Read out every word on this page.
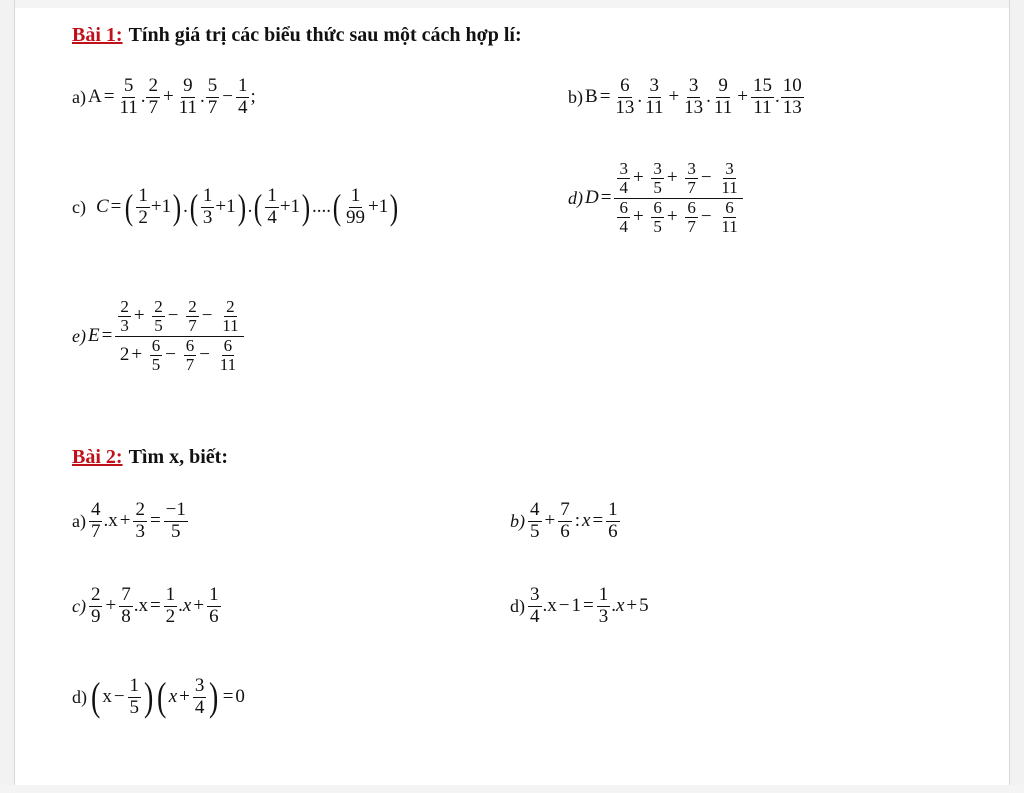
Bài 1: Tính giá trị các biểu thức sau một cách hợp lí:
a) $A = \frac{5}{11}$ . $\frac{2}{7} + \frac{9}{11}$ . $\frac{5}{7} - \frac{1}{4}$ ;	b) $B = \frac{6}{13}$ . $\frac{3}{11} + \frac{3}{13}$ . $\frac{9}{11} + \frac{15}{11}$ . $\frac{10}{13}$
c) C = ( $\frac{1}{2} +1$ ) . ( $\frac{1}{3} +1$ ) . ( $\frac{1}{4} +1$ ) .... ( $\frac{1}{99} +1$ )	d) $D = \frac{\frac{3}{4} + \frac{3}{5} + \frac{3}{7} - \frac{3}{11}}{\frac{6}{4} + \frac{6}{5} + \frac{6}{7} - \frac{6}{11}}$
e) $E = \frac{\frac{2}{3} + \frac{2}{5} - \frac{2}{7} - \frac{2}{11}}{2 + \frac{6}{5} - \frac{6}{7} - \frac{6}{11}}$
Bài 2: Tìm x, biết:
$a) \frac{4}{7} .x + \frac{2}{3} = \frac{-1}{5}$	$b) \frac{4}{5} + \frac{7}{6}$ : $x = \frac{1}{6}$
$c) \frac{2}{9} + \frac{7}{8} .x = \frac{1}{2}$ . $x + \frac{1}{6}$	$d) \frac{3}{4} .x - 1 = \frac{1}{3}$ . x + 5
d) ( $x - \frac{1}{5}$ ) ( $x + \frac{3}{4}$ ) = 0
